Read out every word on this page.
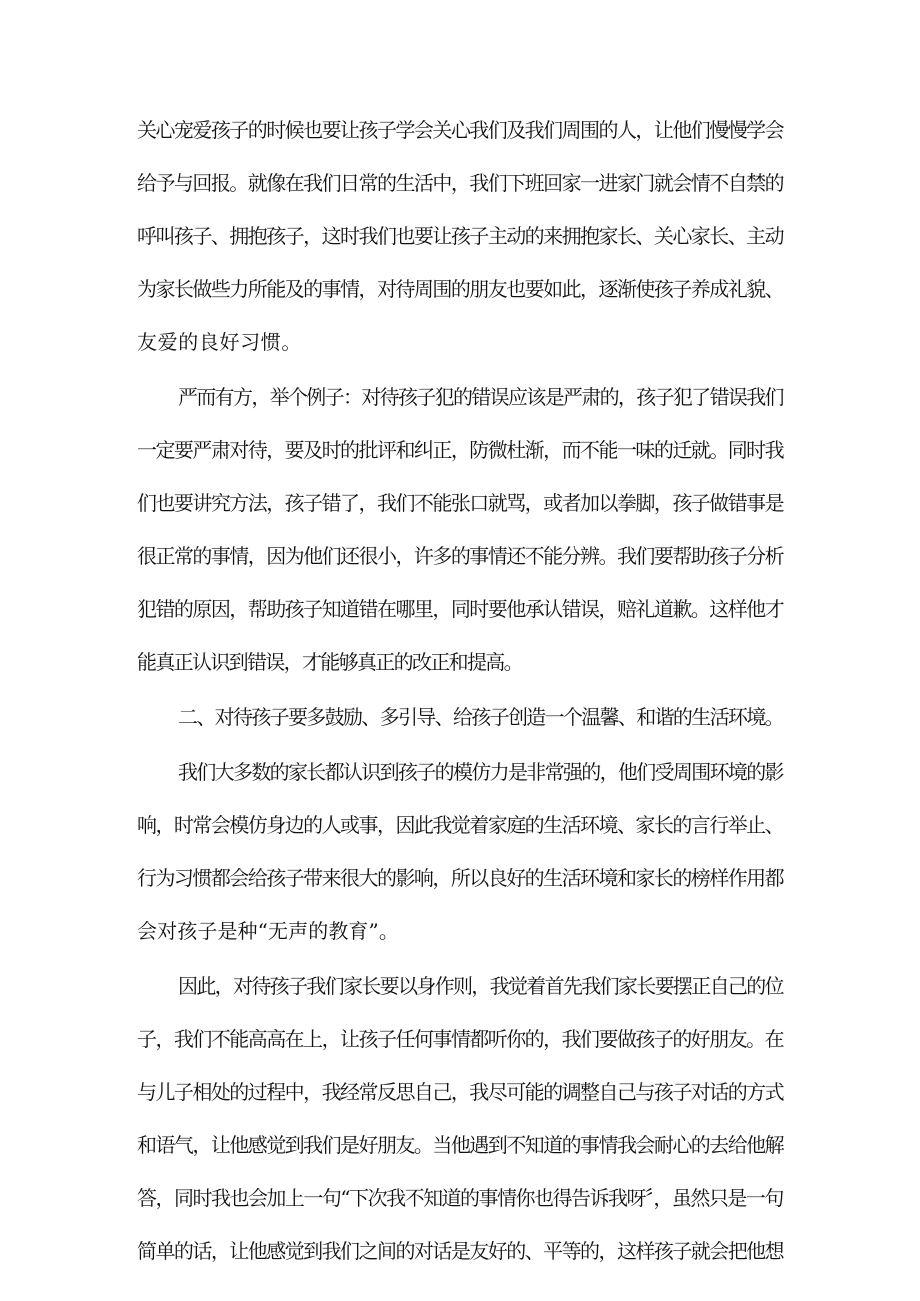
关心宠爱孩子的时候也要让孩子学会关心我们及我们周围的人，让他们慢慢学会
给予与回报。就像在我们日常的生活中，我们下班回家一进家门就会情不自禁的
呼叫孩子、拥抱孩子，这时我们也要让孩子主动的来拥抱家长、关心家长、主动
为家长做些力所能及的事情，对待周围的朋友也要如此，逐渐使孩子养成礼貌、
友爱的良好习惯。
严而有方，举个例子：对待孩子犯的错误应该是严肃的，孩子犯了错误我们
一定要严肃对待，要及时的批评和纠正，防微杜渐，而不能一味的迁就。同时我
们也要讲究方法，孩子错了，我们不能张口就骂，或者加以拳脚，孩子做错事是
很正常的事情，因为他们还很小，许多的事情还不能分辨。我们要帮助孩子分析
犯错的原因，帮助孩子知道错在哪里，同时要他承认错误，赔礼道歉。这样他才
能真正认识到错误，才能够真正的改正和提高。
二、对待孩子要多鼓励、多引导、给孩子创造一个温馨、和谐的生活环境。
我们大多数的家长都认识到孩子的模仿力是非常强的，他们受周围环境的影
响，时常会模仿身边的人或事，因此我觉着家庭的生活环境、家长的言行举止、
行为习惯都会给孩子带来很大的影响，所以良好的生活环境和家长的榜样作用都
会对孩子是种“无声的教育”。
因此，对待孩子我们家长要以身作则，我觉着首先我们家长要摆正自己的位
子，我们不能高高在上，让孩子任何事情都听你的，我们要做孩子的好朋友。在
与儿子相处的过程中，我经常反思自己，我尽可能的调整自己与孩子对话的方式
和语气，让他感觉到我们是好朋友。当他遇到不知道的事情我会耐心的去给他解
答，同时我也会加上一句“下次我不知道的事情你也得告诉我呀〞，虽然只是一句
简单的话，让他感觉到我们之间的对话是友好的、平等的，这样孩子就会把他想
